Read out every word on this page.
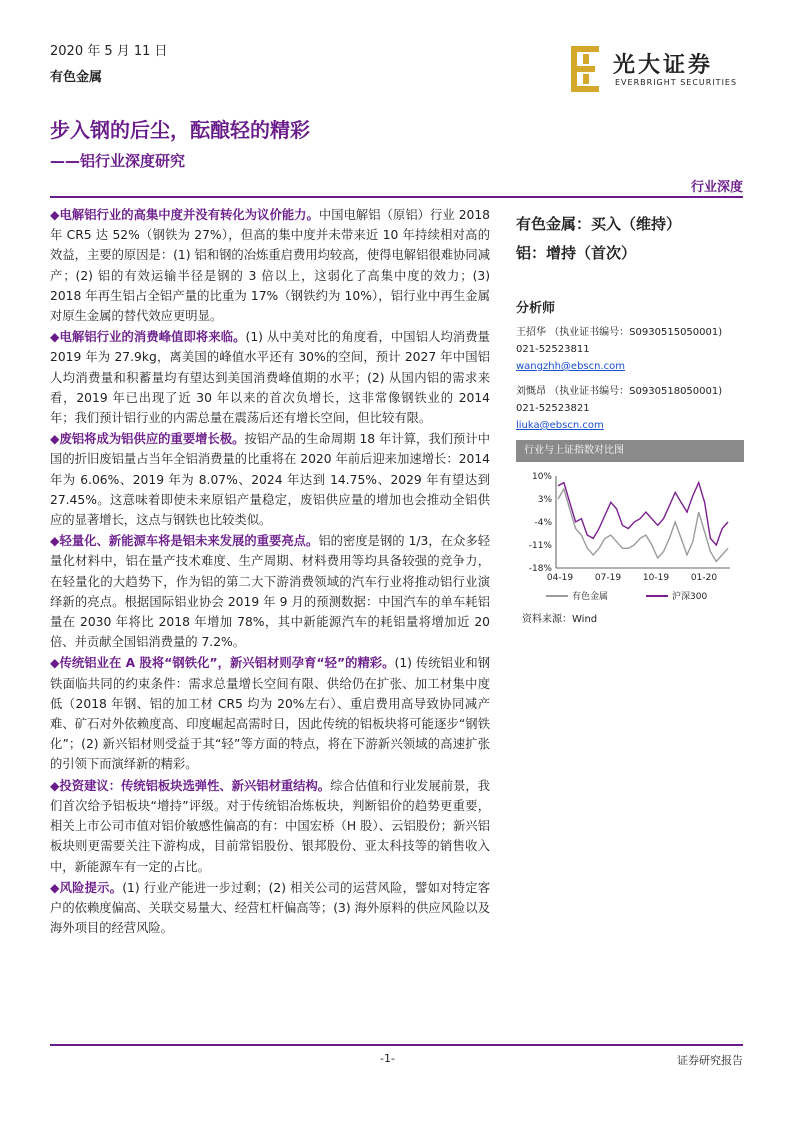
2020 年 5 月 11 日
有色金属
步入钢的后尘，酝酿轻的精彩
——铝行业深度研究
行业深度
光大证券
EVERBRIGHT SECURITIES

◆电解铝行业的高集中度并没有转化为议价能力。中国电解铝（原铝）行业 2018 年 CR5 达 52%（钢铁为 27%），但高的集中度并未带来近 10 年持续相对高的效益，主要的原因是：(1) 铝和钢的冶炼重启费用均较高，使得电解铝很难协同减产；(2) 铝的有效运输半径是钢的 3 倍以上，这弱化了高集中度的效力；(3) 2018 年再生铝占全铝产量的比重为 17%（钢铁约为 10%），铝行业中再生金属对原生金属的替代效应更明显。

◆电解铝行业的消费峰值即将来临。(1) 从中美对比的角度看，中国铝人均消费量 2019 年为 27.9kg，离美国的峰值水平还有 30%的空间，预计 2027 年中国铝人均消费量和积蓄量均有望达到美国消费峰值期的水平；(2) 从国内铝的需求来看，2019 年已出现了近 30 年以来的首次负增长，这非常像钢铁业的 2014 年；我们预计铝行业的内需总量在震荡后还有增长空间，但比较有限。

◆废铝将成为铝供应的重要增长极。按铝产品的生命周期 18 年计算，我们预计中国的折旧废铝量占当年全铝消费量的比重将在 2020 年前后迎来加速增长：2014 年为 6.06%、2019 年为 8.07%、2024 年达到 14.75%、2029 年有望达到 27.45%。这意味着即使未来原铝产量稳定，废铝供应量的增加也会推动全铝供应的显著增长，这点与钢铁也比较类似。

◆轻量化、新能源车将是铝未来发展的重要亮点。铝的密度是钢的 1/3，在众多轻量化材料中，铝在量产技术难度、生产周期、材料费用等均具备较强的竞争力，在轻量化的大趋势下，作为铝的第二大下游消费领域的汽车行业将推动铝行业演绎新的亮点。根据国际铝业协会 2019 年 9 月的预测数据：中国汽车的单车耗铝量在 2030 年将比 2018 年增加 78%，其中新能源汽车的耗铝量将增加近 20 倍、并贡献全国铝消费量的 7.2%。

◆传统铝业在 A 股将“钢铁化”，新兴铝材则孕育“轻”的精彩。(1) 传统铝业和钢铁面临共同的约束条件：需求总量增长空间有限、供给仍在扩张、加工材集中度低（2018 年钢、铝的加工材 CR5 均为 20%左右）、重启费用高导致协同减产难、矿石对外依赖度高、印度崛起高需时日，因此传统的铝板块将可能逐步“钢铁化”；(2) 新兴铝材则受益于其“轻”等方面的特点，将在下游新兴领域的高速扩张的引领下而演绎新的精彩。

◆投资建议：传统铝板块选弹性、新兴铝材重结构。综合估值和行业发展前景，我们首次给予铝板块“增持”评级。对于传统铝冶炼板块，判断铝价的趋势更重要，相关上市公司市值对铝价敏感性偏高的有：中国宏桥（H 股）、云铝股份；新兴铝板块则更需要关注下游构成，目前常铝股份、银邦股份、亚太科技等的销售收入中，新能源车有一定的占比。

◆风险提示。(1) 行业产能进一步过剩；(2) 相关公司的运营风险，譬如对特定客户的依赖度偏高、关联交易量大、经营杠杆偏高等；(3) 海外原料的供应风险以及海外项目的经营风险。

有色金属：买入（维持）
铝：增持（首次）
分析师
王招华 （执业证书编号：S0930515050001)
021-52523811
wangzhh@ebscn.com
刘慨昂 （执业证书编号：S0930518050001)
021-52523821
liuka@ebscn.com
行业与上证指数对比图
10%
3%
-4%
-11%
-18%
04-19 07-19 10-19 01-20
有色金属	沪深300
资料来源：Wind
-1-	证券研究报告
